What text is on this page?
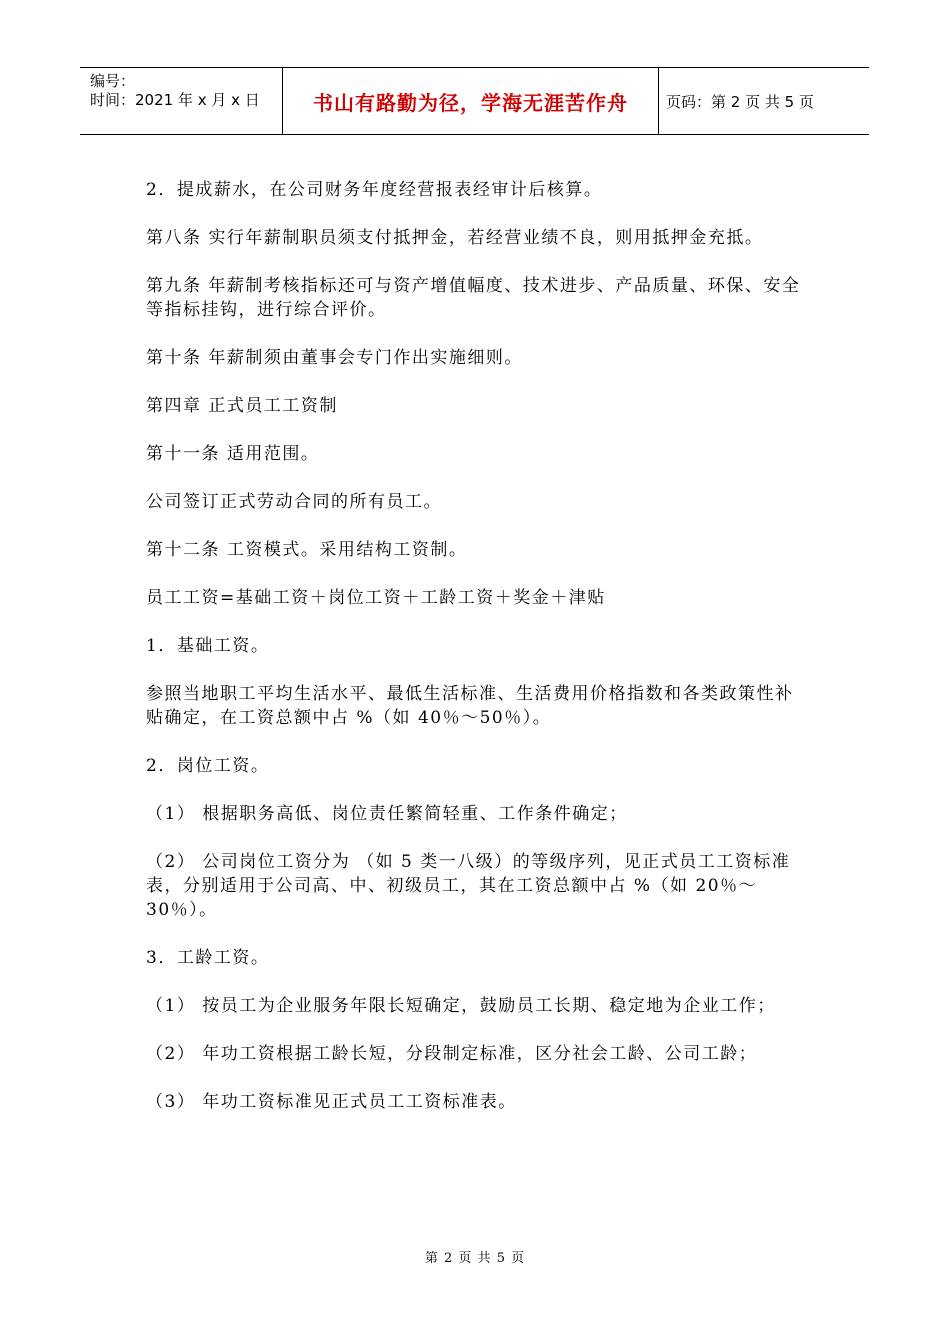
编号：
时间：2021 年 x 月 x 日	书山有路勤为径，学海无涯苦作舟	页码：第 2 页 共 5 页

2．提成薪水，在公司财务年度经营报表经审计后核算。

第八条 实行年薪制职员须支付抵押金，若经营业绩不良，则用抵押金充抵。

第九条 年薪制考核指标还可与资产增值幅度、技术进步、产品质量、环保、安全等指标挂钩，进行综合评价。

第十条 年薪制须由董事会专门作出实施细则。

第四章 正式员工工资制

第十一条 适用范围。

公司签订正式劳动合同的所有员工。

第十二条 工资模式。采用结构工资制。

员工工资=基础工资＋岗位工资＋工龄工资＋奖金＋津贴

1．基础工资。

参照当地职工平均生活水平、最低生活标准、生活费用价格指数和各类政策性补贴确定，在工资总额中占 %（如 40％～50％）。

2．岗位工资。

（1） 根据职务高低、岗位责任繁简轻重、工作条件确定；

（2） 公司岗位工资分为 （如 5 类一八级）的等级序列，见正式员工工资标准表，分别适用于公司高、中、初级员工，其在工资总额中占 %（如 20％～30％）。

3．工龄工资。

（1） 按员工为企业服务年限长短确定，鼓励员工长期、稳定地为企业工作；

（2） 年功工资根据工龄长短，分段制定标准，区分社会工龄、公司工龄；

（3） 年功工资标准见正式员工工资标准表。

第 2 页 共 5 页
